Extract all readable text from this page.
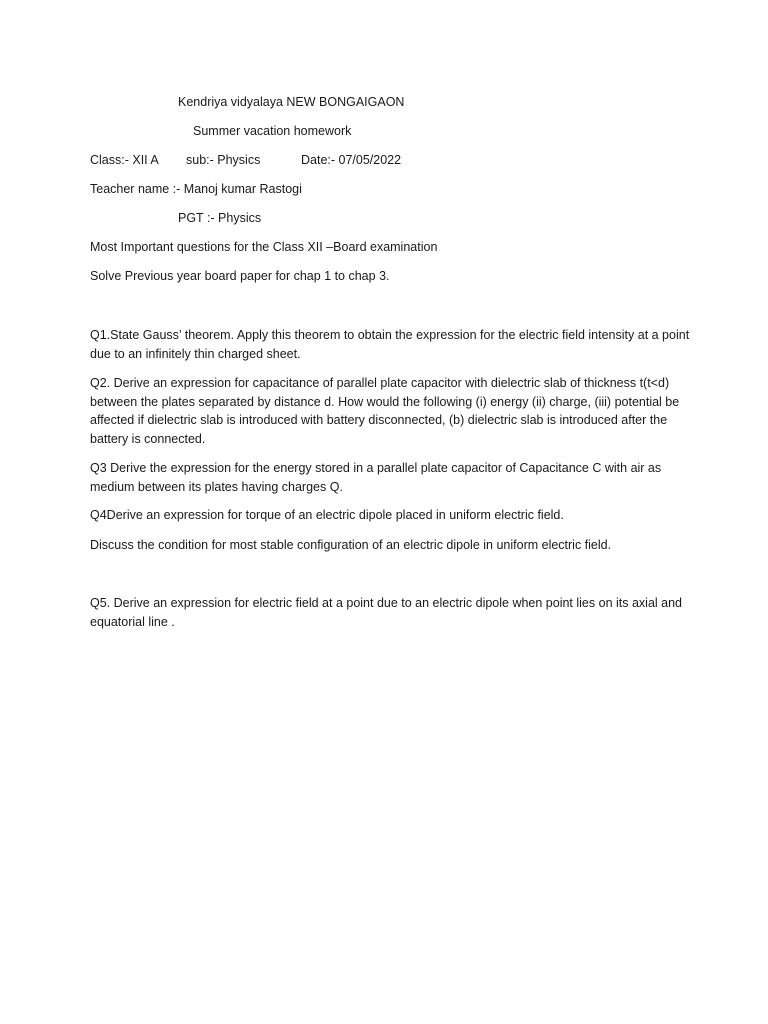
Kendriya vidyalaya NEW BONGAIGAON
Summer vacation homework
Class:- XII A sub:- Physics	Date:- 07/05/2022
Teacher name :- Manoj kumar Rastogi
PGT :- Physics
Most Important questions for the Class XII –Board examination
Solve Previous year board paper for chap 1 to chap 3.
Q1.State Gauss’ theorem. Apply this theorem to obtain the expression for the electric field intensity at a point due to an infinitely thin charged sheet.
Q2. Derive an expression for capacitance of parallel plate capacitor with dielectric slab of thickness t(t<d) between the plates separated by distance d. How would the following (i) energy (ii) charge, (iii) potential be affected if dielectric slab is introduced with battery disconnected, (b) dielectric slab is introduced after the battery is connected.
Q3 Derive the expression for the energy stored in a parallel plate capacitor of Capacitance C with air as medium between its plates having charges Q.
Q4Derive an expression for torque of an electric dipole placed in uniform electric field.
Discuss the condition for most stable configuration of an electric dipole in uniform electric field.
Q5. Derive an expression for electric field at a point due to an electric dipole when point lies on its axial and equatorial line .
